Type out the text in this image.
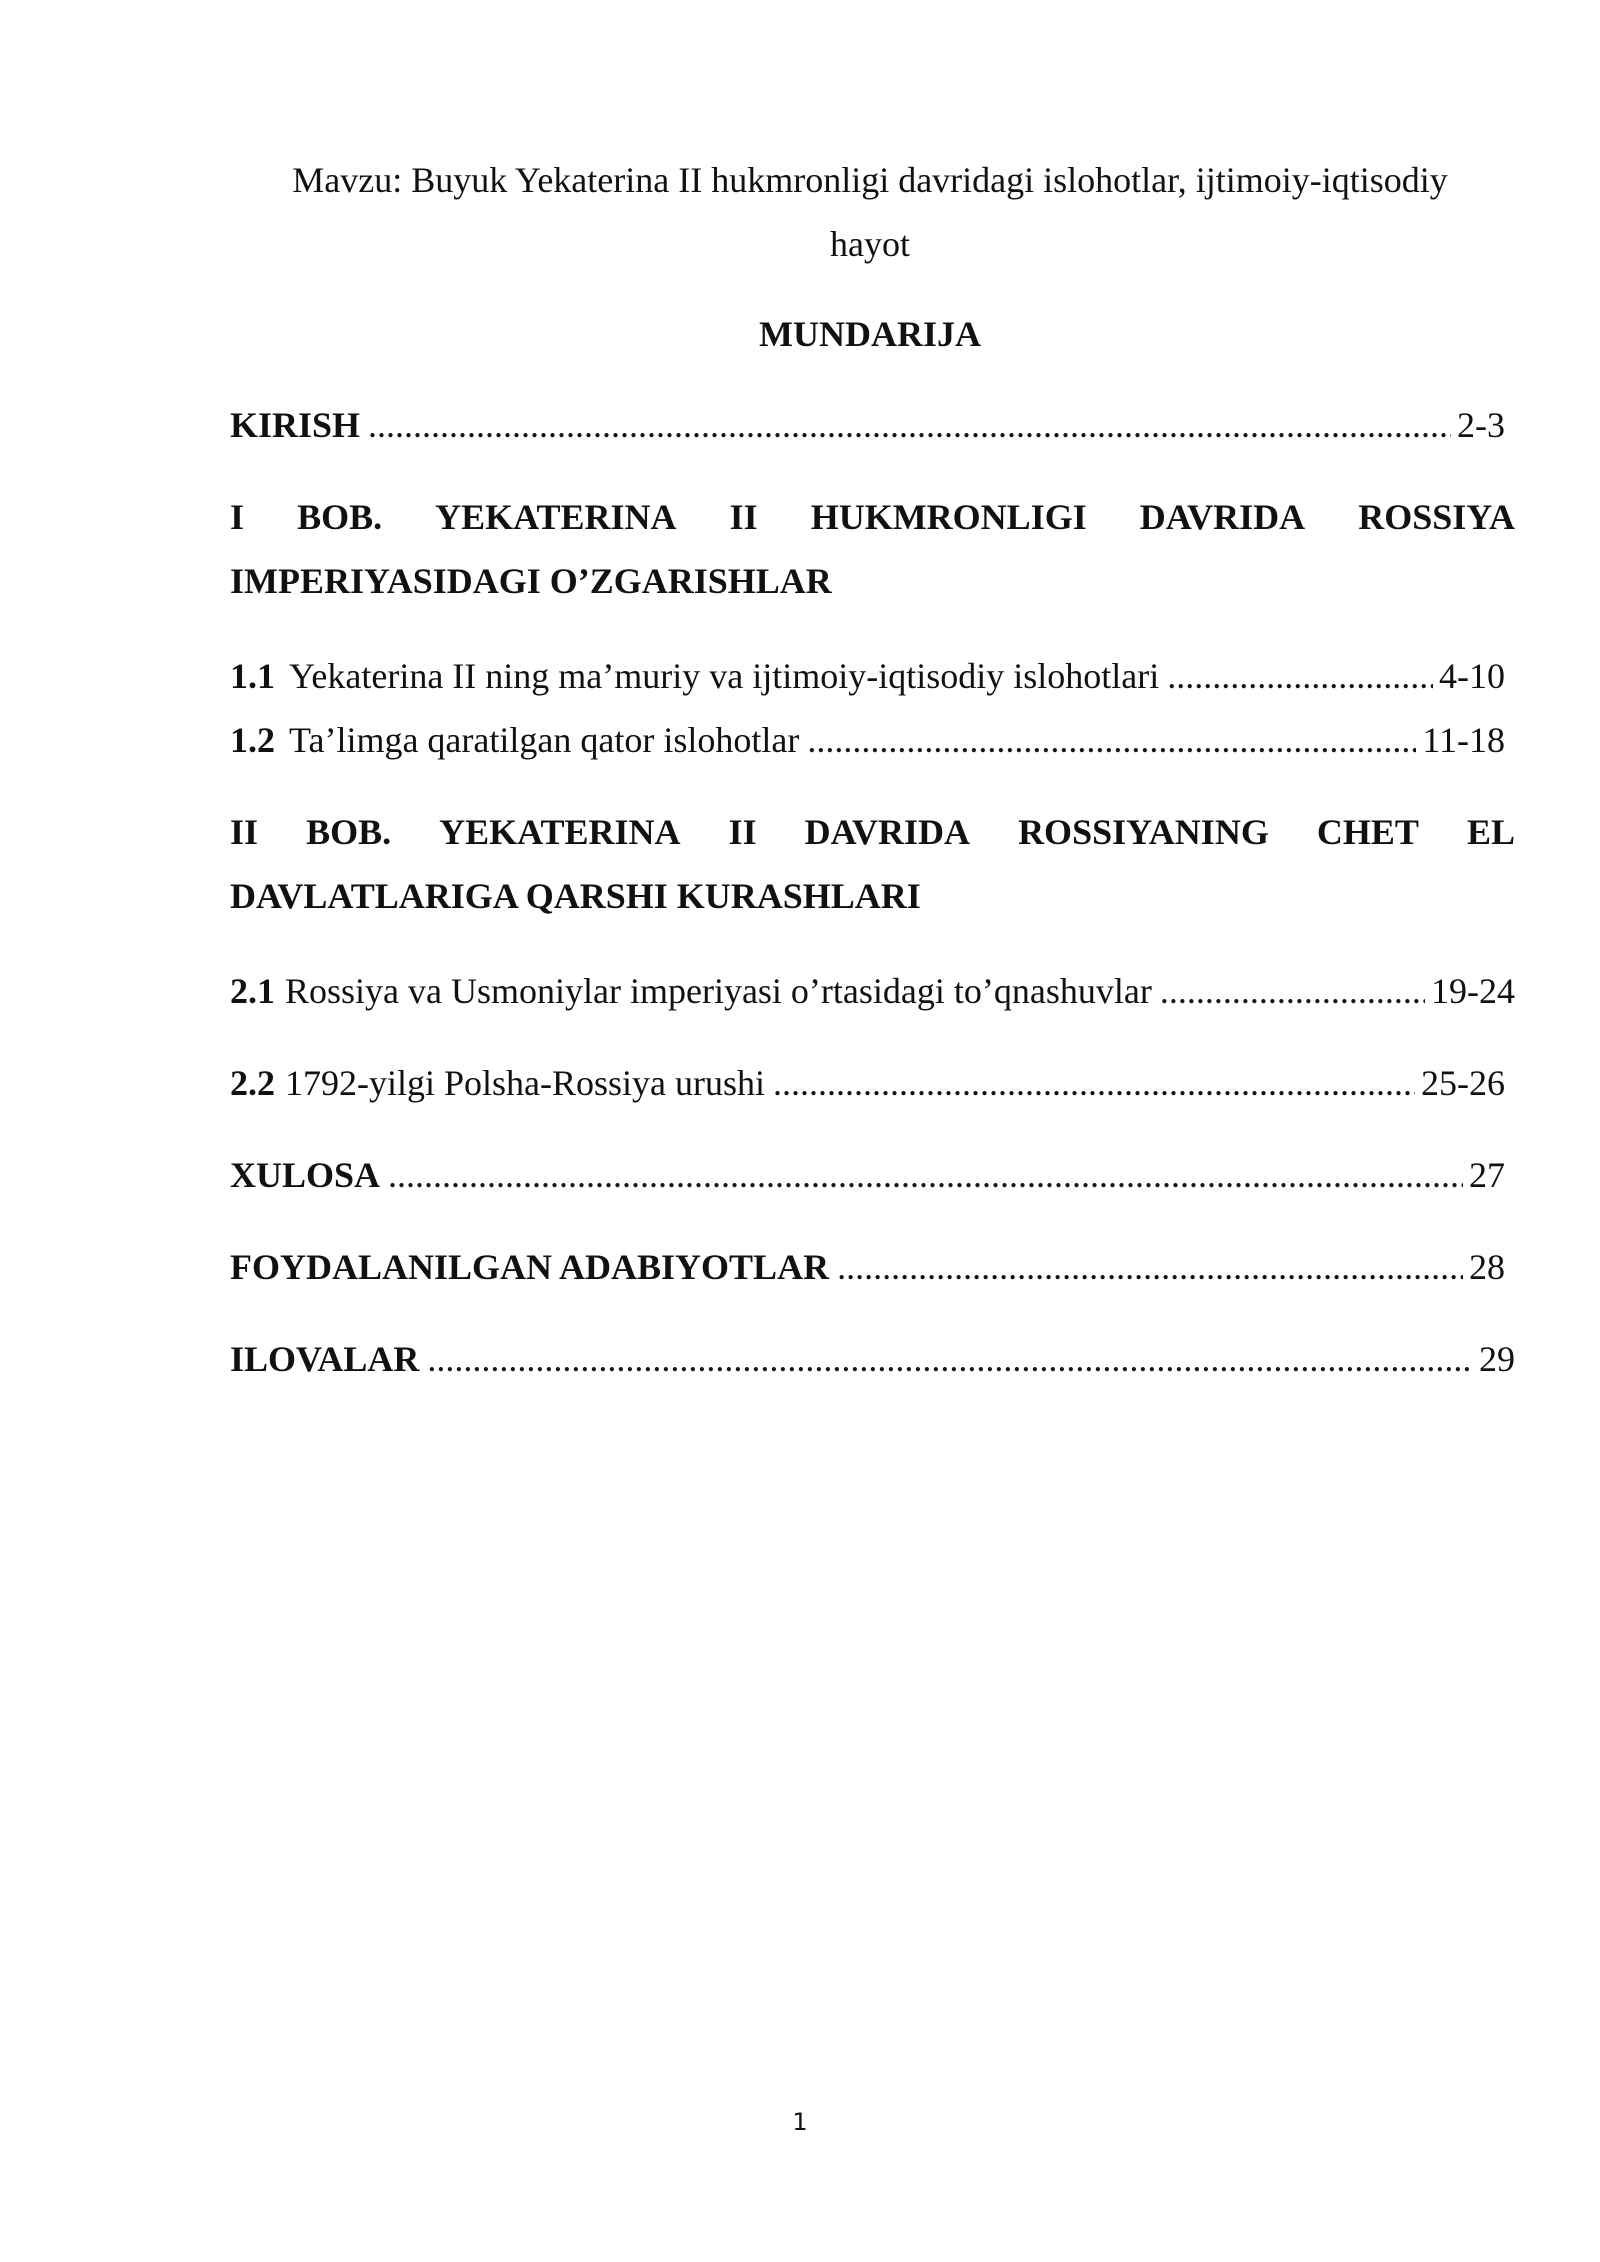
Mavzu: Buyuk Yekaterina II hukmronligi davridagi islohotlar, ijtimoiy-iqtisodiy
hayot
MUNDARIJA
KIRISH .....	2-3
I BOB. YEKATERINA II HUKMRONLIGI DAVRIDA ROSSIYA
IMPERIYASIDAGI O’ZGARISHLAR
1.1 Yekaterina II ning ma’muriy va ijtimoiy-iqtisodiy islohotlari .....	4-10
1.2 Ta’limga qaratilgan qator islohotlar .....	11-18
II BOB. YEKATERINA II DAVRIDA ROSSIYANING CHET EL
DAVLATLARIGA QARSHI KURASHLARI
2.1 Rossiya va Usmoniylar imperiyasi o’rtasidagi to’qnashuvlar .....	19-24
2.2 1792-yilgi Polsha-Rossiya urushi .....	25-26
XULOSA .....	27
FOYDALANILGAN ADABIYOTLAR .....	28
ILOVALAR .....	29
1
